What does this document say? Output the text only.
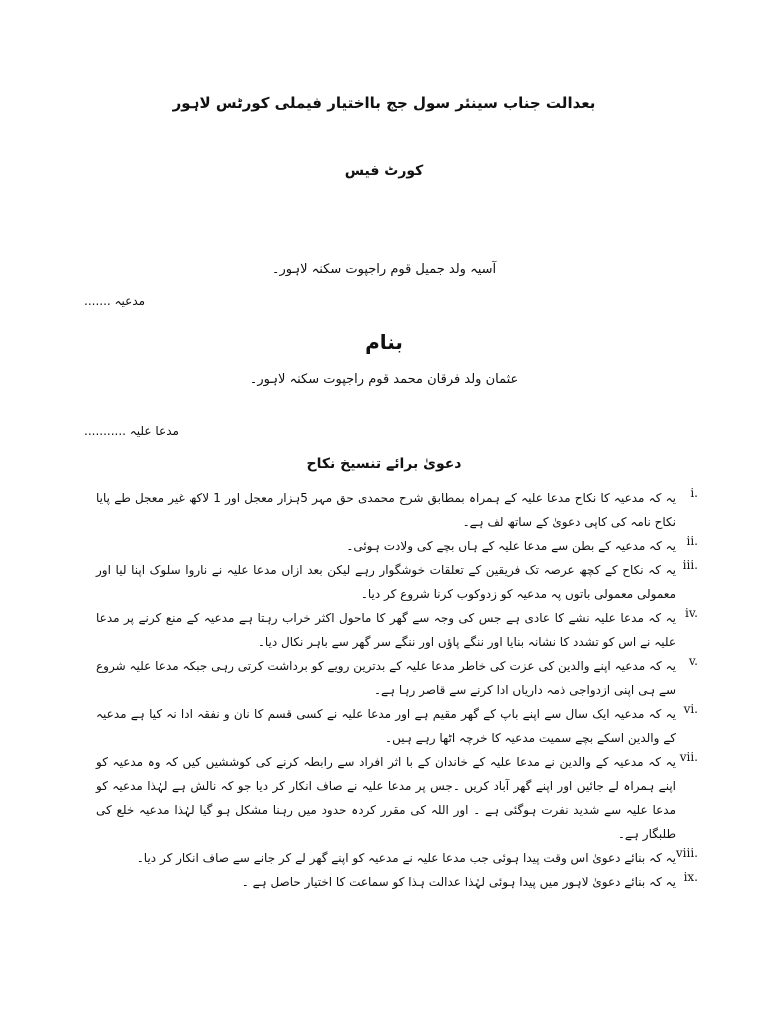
بعدالت جناب سینئر سول جج بااختیار فیملی کورٹس لاہور
کورٹ فیس
آسیہ ولد جمیل قوم راجپوت سکنہ لاہور۔
مدعیہ .......
بنام
عثمان ولد فرقان محمد قوم راجپوت سکنہ لاہور۔
مدعا علیہ ...........
دعویٰ برائے تنسیخ نکاح
i.

یہ کہ مدعیہ کا نکاح مدعا علیہ کے ہمراہ بمطابق شرح محمدی حق مہر 5ہزار معجل اور 1 لاکھ غیر معجل طے پایا نکاح نامہ کی کاپی دعویٰ کے ساتھ لف ہے۔

ii.

یہ کہ مدعیہ کے بطن سے مدعا علیہ کے ہاں بچے کی ولادت ہوئی۔

iii.

یہ کہ نکاح کے کچھ عرصہ تک فریقین کے تعلقات خوشگوار رہے لیکن بعد ازاں مدعا علیہ نے ناروا سلوک اپنا لیا اور معمولی معمولی باتوں پہ مدعیہ کو زدوکوب کرنا شروع کر دیا۔

iv.

یہ کہ مدعا علیہ نشے کا عادی ہے جس کی وجہ سے گھر کا ماحول اکثر خراب رہتا ہے مدعیہ کے منع کرنے پر مدعا علیہ نے اس کو تشدد کا نشانہ بنایا اور ننگے پاؤں اور ننگے سر گھر سے باہر نکال دیا۔

v.

یہ کہ مدعیہ اپنے والدین کی عزت کی خاطر مدعا علیہ کے بدترین رویے کو برداشت کرتی رہی جبکہ مدعا علیہ شروع سے ہی اپنی ازدواجی ذمہ داریاں ادا کرنے سے قاصر رہا ہے۔

vi.

یہ کہ مدعیہ ایک سال سے اپنے باپ کے گھر مقیم ہے اور مدعا علیہ نے کسی قسم کا نان و نفقہ ادا نہ کیا ہے مدعیہ کے والدین اسکے بچے سمیت مدعیہ کا خرچہ اٹھا رہے ہیں۔

vii.

یہ کہ مدعیہ کے والدین نے مدعا علیہ کے خاندان کے با اثر افراد سے رابطہ کرنے کی کوششیں کیں کہ وہ مدعیہ کو اپنے ہمراہ لے جائیں اور اپنے گھر آباد کریں ۔جس پر مدعا علیہ نے صاف انکار کر دیا جو کہ نالش ہے لہٰذا مدعیہ کو مدعا علیہ سے شدید نفرت ہوگئی ہے ۔ اور اللہ کی مقرر کردہ حدود میں رہنا مشکل ہو گیا لہٰذا مدعیہ خلع کی طلبگار ہے۔

viii.

یہ کہ بنائے دعویٰ اس وقت پیدا ہوئی جب مدعا علیہ نے مدعیہ کو اپنے گھر لے کر جانے سے صاف انکار کر دیا۔

ix.

یہ کہ بنائے دعویٰ لاہور میں پیدا ہوئی لہٰذا عدالت ہذا کو سماعت کا اختیار حاصل ہے ۔
